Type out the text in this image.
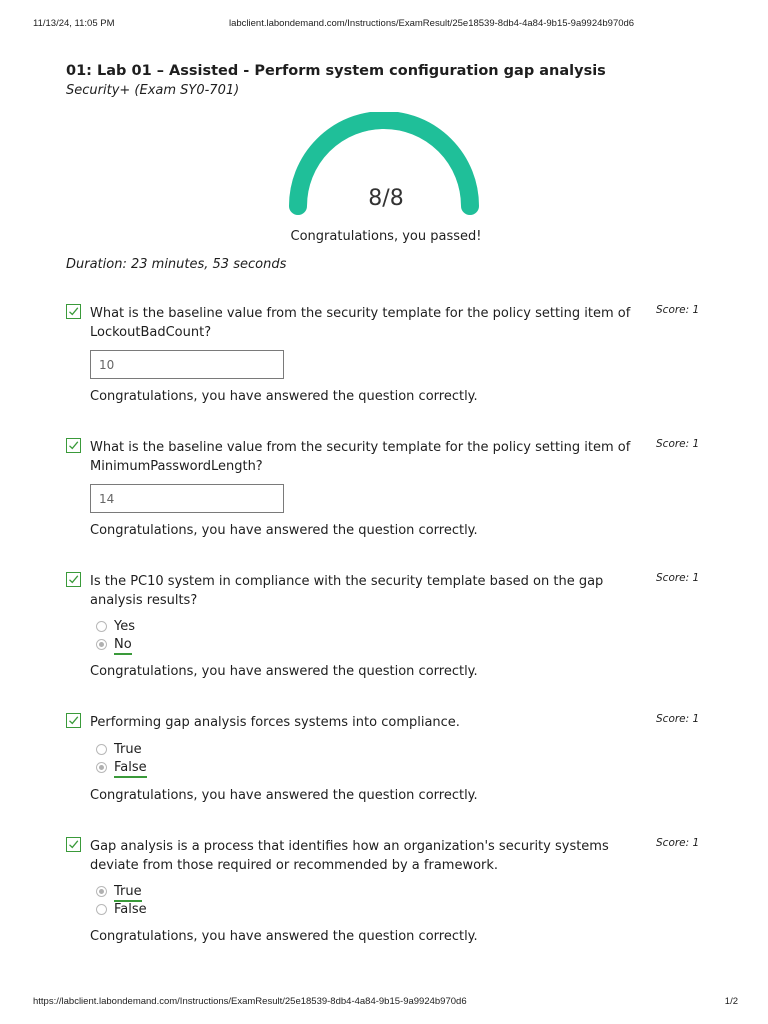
11/13/24, 11:05 PM	labclient.labondemand.com/Instructions/ExamResult/25e18539-8db4-4a84-9b15-9a9924b970d6
01: Lab 01 – Assisted - Perform system configuration gap analysis
Security+ (Exam SY0-701)
8/8
Congratulations, you passed!
Duration: 23 minutes, 53 seconds
What is the baseline value from the security template for the policy setting item of LockoutBadCount?
Score: 1
10
Congratulations, you have answered the question correctly.
What is the baseline value from the security template for the policy setting item of MinimumPasswordLength?
Score: 1
14
Congratulations, you have answered the question correctly.
Is the PC10 system in compliance with the security template based on the gap analysis results?
Score: 1
Yes
No
Congratulations, you have answered the question correctly.
Performing gap analysis forces systems into compliance.	Score: 1
True
False
Congratulations, you have answered the question correctly.
Gap analysis is a process that identifies how an organization's security systems deviate from those required or recommended by a framework.
Score: 1
True
False
Congratulations, you have answered the question correctly.
https://labclient.labondemand.com/Instructions/ExamResult/25e18539-8db4-4a84-9b15-9a9924b970d6	1/2
